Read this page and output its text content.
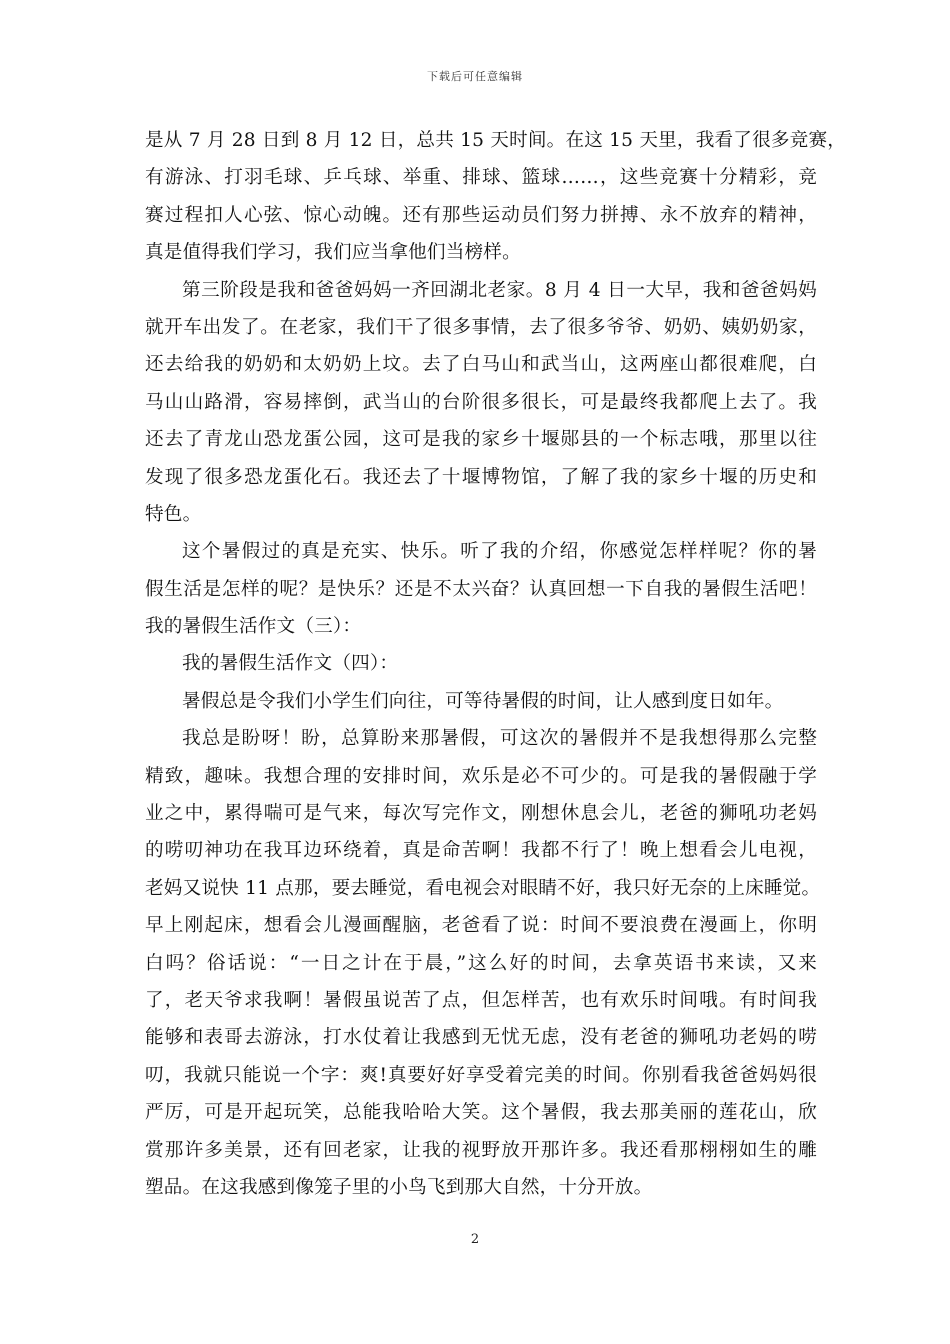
下载后可任意编辑
是从 7 月 28 日到 8 月 12 日，总共 15 天时间。在这 15 天里，我看了很多竞赛，
有游泳、打羽毛球、乒乓球、举重、排球、篮球……，这些竞赛十分精彩，竞
赛过程扣人心弦、惊心动魄。还有那些运动员们努力拼搏、永不放弃的精神，
真是值得我们学习，我们应当拿他们当榜样。
第三阶段是我和爸爸妈妈一齐回湖北老家。8 月 4 日一大早，我和爸爸妈妈
就开车出发了。在老家，我们干了很多事情，去了很多爷爷、奶奶、姨奶奶家，
还去给我的奶奶和太奶奶上坟。去了白马山和武当山，这两座山都很难爬，白
马山山路滑，容易摔倒，武当山的台阶很多很长，可是最终我都爬上去了。我
还去了青龙山恐龙蛋公园，这可是我的家乡十堰郧县的一个标志哦，那里以往
发现了很多恐龙蛋化石。我还去了十堰博物馆，了解了我的家乡十堰的历史和
特色。
这个暑假过的真是充实、快乐。听了我的介绍，你感觉怎样样呢？你的暑
假生活是怎样的呢？是快乐？还是不太兴奋？认真回想一下自我的暑假生活吧！
我的暑假生活作文（三）：
我的暑假生活作文（四）：
暑假总是令我们小学生们向往，可等待暑假的时间，让人感到度日如年。
我总是盼呀！盼，总算盼来那暑假，可这次的暑假并不是我想得那么完整
精致，趣味。我想合理的安排时间，欢乐是必不可少的。可是我的暑假融于学
业之中，累得喘可是气来，每次写完作文，刚想休息会儿，老爸的狮吼功老妈
的唠叨神功在我耳边环绕着，真是命苦啊！我都不行了！晚上想看会儿电视，
老妈又说快 11 点那，要去睡觉，看电视会对眼睛不好，我只好无奈的上床睡觉。
早上刚起床，想看会儿漫画醒脑，老爸看了说：时间不要浪费在漫画上，你明
白吗？俗话说：“一日之计在于晨，”这么好的时间，去拿英语书来读，又来
了，老天爷求我啊！暑假虽说苦了点，但怎样苦，也有欢乐时间哦。有时间我
能够和表哥去游泳，打水仗着让我感到无忧无虑，没有老爸的狮吼功老妈的唠
叨，我就只能说一个字：爽!真要好好享受着完美的时间。你别看我爸爸妈妈很
严厉，可是开起玩笑，总能我哈哈大笑。这个暑假，我去那美丽的莲花山，欣
赏那许多美景，还有回老家，让我的视野放开那许多。我还看那栩栩如生的雕
塑品。在这我感到像笼子里的小鸟飞到那大自然，十分开放。
2
